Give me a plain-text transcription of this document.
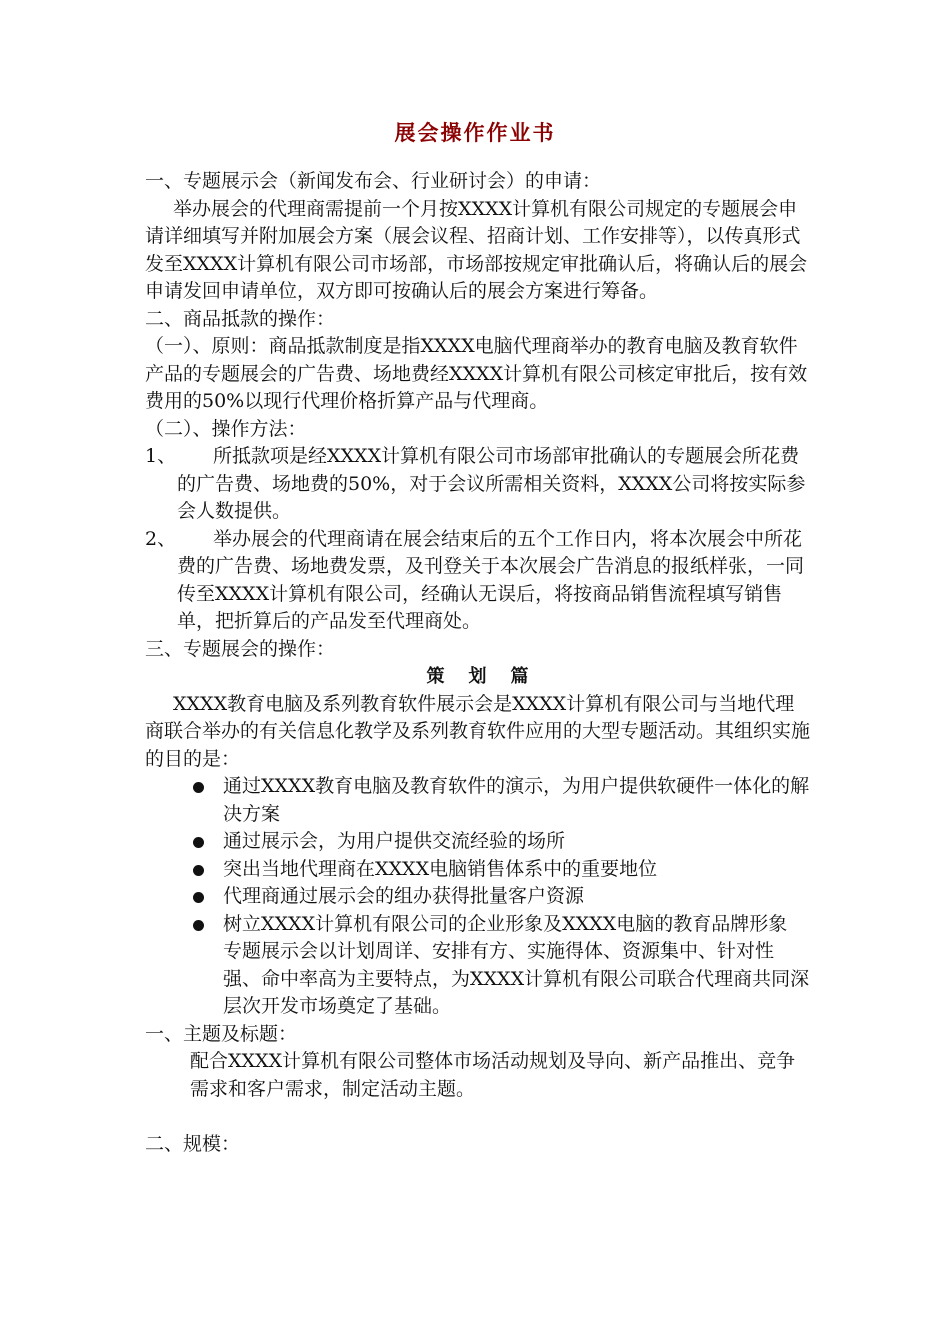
展会操作作业书

一、专题展示会（新闻发布会、行业研讨会）的申请：

举办展会的代理商需提前一个月按XXXX计算机有限公司规定的专题展会申请详细填写并附加展会方案（展会议程、招商计划、工作安排等），以传真形式发至XXXX计算机有限公司市场部，市场部按规定审批确认后，将确认后的展会申请发回申请单位，双方即可按确认后的展会方案进行筹备。

二、商品抵款的操作：

（一）、原则：商品抵款制度是指XXXX电脑代理商举办的教育电脑及教育软件产品的专题展会的广告费、场地费经XXXX计算机有限公司核定审批后，按有效费用的50%以现行代理价格折算产品与代理商。

（二）、操作方法：

1、	所抵款项是经XXXX计算机有限公司市场部审批确认的专题展会所花费的广告费、场地费的50%，对于会议所需相关资料，XXXX公司将按实际参会人数提供。
2、	举办展会的代理商请在展会结束后的五个工作日内，将本次展会中所花费的广告费、场地费发票，及刊登关于本次展会广告消息的报纸样张，一同传至XXXX计算机有限公司，经确认无误后，将按商品销售流程填写销售单，把折算后的产品发至代理商处。

三、专题展会的操作：

策划篇

XXXX教育电脑及系列教育软件展示会是XXXX计算机有限公司与当地代理商联合举办的有关信息化教学及系列教育软件应用的大型专题活动。其组织实施的目的是：

通过XXXX教育电脑及教育软件的演示，为用户提供软硬件一体化的解决方案
通过展示会，为用户提供交流经验的场所
突出当地代理商在XXXX电脑销售体系中的重要地位
代理商通过展示会的组办获得批量客户资源
树立XXXX计算机有限公司的企业形象及XXXX电脑的教育品牌形象

专题展示会以计划周详、安排有方、实施得体、资源集中、针对性强、命中率高为主要特点，为XXXX计算机有限公司联合代理商共同深层次开发市场奠定了基础。

一、主题及标题：

配合XXXX计算机有限公司整体市场活动规划及导向、新产品推出、竞争需求和客户需求，制定活动主题。

二、规模：
